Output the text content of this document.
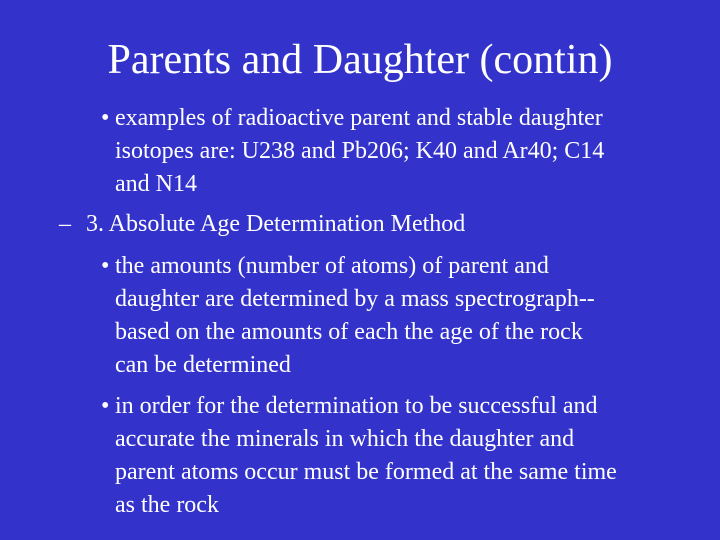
Parents and Daughter (contin)
• examples of radioactive parent and stable daughter
isotopes are: U238 and Pb206; K40 and Ar40; C14
and N14
– 3. Absolute Age Determination Method
• the amounts (number of atoms) of parent and
daughter are determined by a mass spectrograph--
based on the amounts of each the age of the rock
can be determined
• in order for the determination to be successful and
accurate the minerals in which the daughter and
parent atoms occur must be formed at the same time
as the rock
